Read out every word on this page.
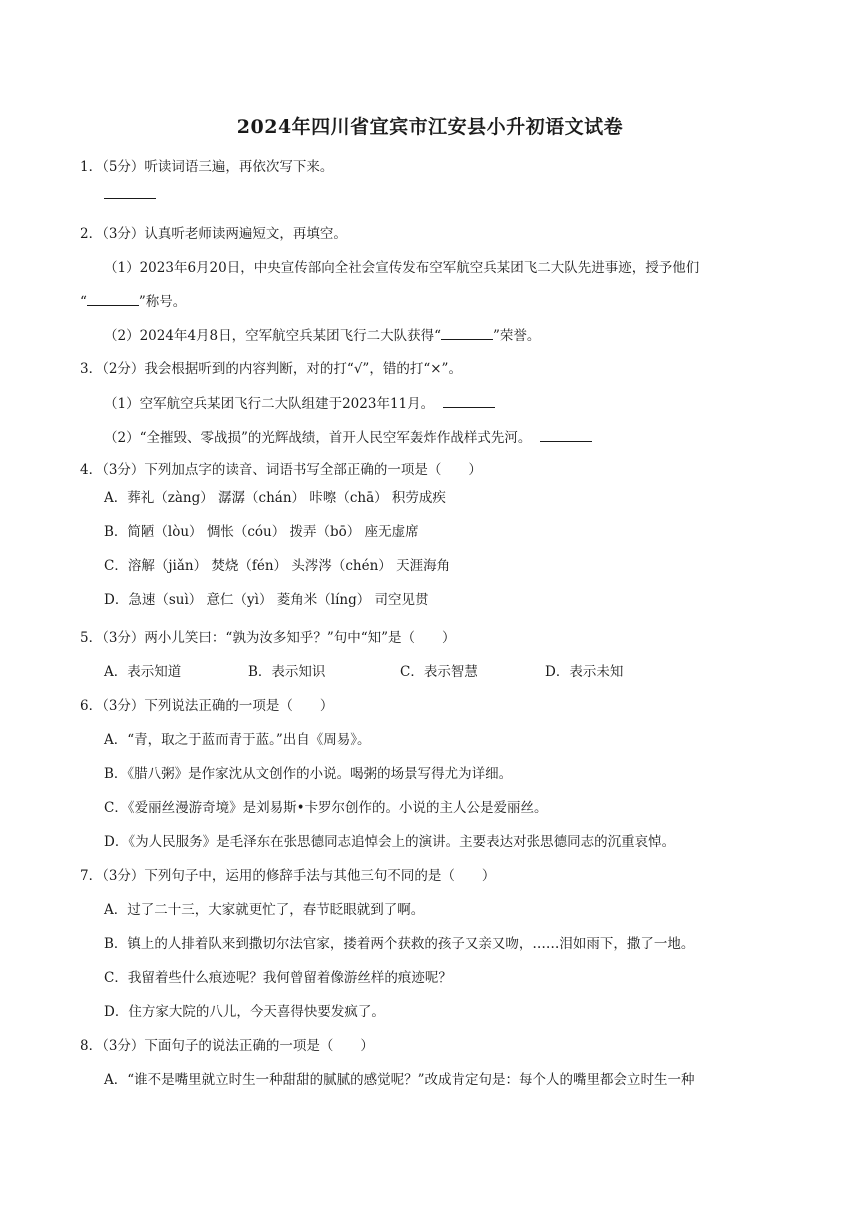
2024年四川省宜宾市江安县小升初语文试卷
1．（5分）听读词语三遍，再依次写下来。
2．（3分）认真听老师读两遍短文，再填空。
（1）2023年6月20日，中央宣传部向全社会宣传发布空军航空兵某团飞二大队先进事迹，授予他们
“	”称号。
（2）2024年4月8日，空军航空兵某团飞行二大队获得“	”荣誉。
3．（2分）我会根据听到的内容判断，对的打“√”，错的打“×”。
（1）空军航空兵某团飞行二大队组建于2023年11月。
（2）“全摧毁、零战损”的光辉战绩，首开人民空军轰炸作战样式先河。
4．（3分）下列加点字的读音、词语书写全部正确的一项是（　　）
A．葬礼（zàng） 潺潺（chán） 咔嚓（chā） 积劳成疾
B．简陋（lòu） 惆怅（cóu） 拨弄（bō） 座无虚席
C．溶解（jiǎn） 焚烧（fén） 头涔涔（chén） 天涯海角
D．急速（suì） 意仁（yì） 菱角米（líng） 司空见贯
5．（3分）两小儿笑曰：“孰为汝多知乎？”句中“知”是（　　）
A．表示知道	B．表示知识	C．表示智慧	D．表示未知
6．（3分）下列说法正确的一项是（　　）
A．“青，取之于蓝而青于蓝。”出自《周易》。
B．《腊八粥》是作家沈从文创作的小说。喝粥的场景写得尤为详细。
C．《爱丽丝漫游奇境》是刘易斯•卡罗尔创作的。小说的主人公是爱丽丝。
D．《为人民服务》是毛泽东在张思德同志追悼会上的演讲。主要表达对张思德同志的沉重哀悼。
7．（3分）下列句子中，运用的修辞手法与其他三句不同的是（　　）
A．过了二十三，大家就更忙了，春节眨眼就到了啊。
B．镇上的人排着队来到撒切尔法官家，搂着两个获救的孩子又亲又吻，……泪如雨下，撒了一地。
C．我留着些什么痕迹呢？我何曾留着像游丝样的痕迹呢？
D．住方家大院的八儿，今天喜得快要发疯了。
8．（3分）下面句子的说法正确的一项是（　　）
A．“谁不是嘴里就立时生一种甜甜的腻腻的感觉呢？”改成肯定句是：每个人的嘴里都会立时生一种
